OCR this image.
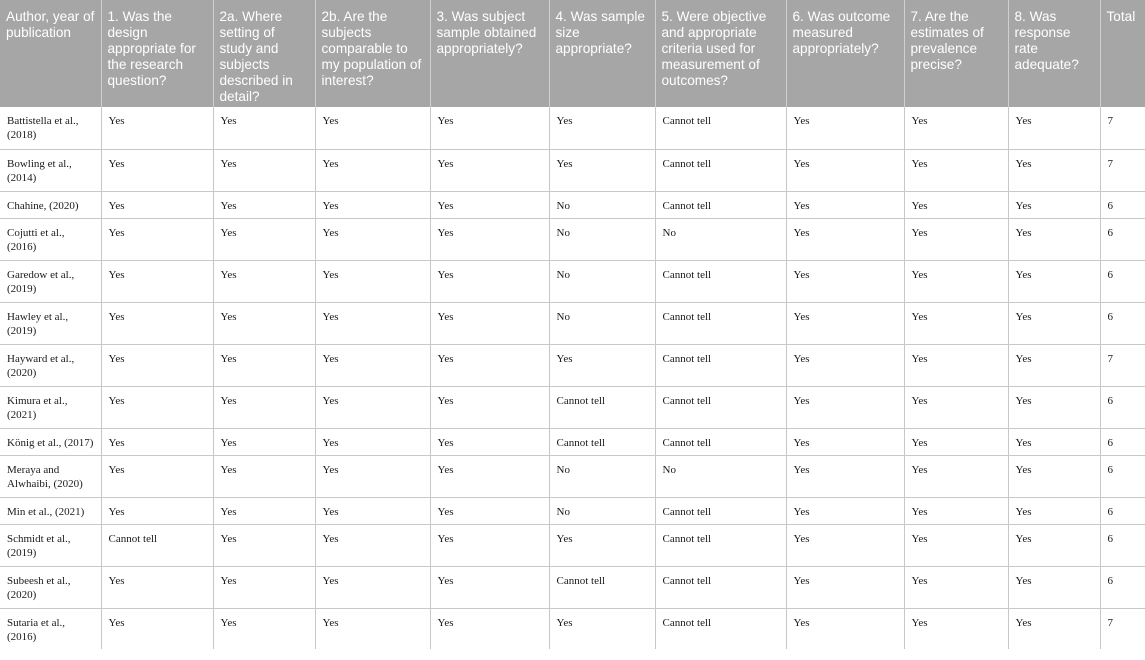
Author, year of publication	1. Was the design appropriate for the research question?	2a. Where setting of study and subjects described in detail?	2b. Are the subjects comparable to my population of interest?	3. Was subject sample obtained appropriately?	4. Was sample size appropriate?	5. Were objective and appropriate criteria used for measurement of outcomes?	6. Was outcome measured appropriately?	7. Are the estimates of prevalence precise?	8. Was response rate adequate?	Total
Battistella et al., (2018)	Yes	Yes	Yes	Yes	Yes	Cannot tell	Yes	Yes	Yes	7
Bowling et al., (2014)	Yes	Yes	Yes	Yes	Yes	Cannot tell	Yes	Yes	Yes	7
Chahine, (2020)	Yes	Yes	Yes	Yes	No	Cannot tell	Yes	Yes	Yes	6
Cojutti et al., (2016)	Yes	Yes	Yes	Yes	No	No	Yes	Yes	Yes	6
Garedow et al., (2019)	Yes	Yes	Yes	Yes	No	Cannot tell	Yes	Yes	Yes	6
Hawley et al., (2019)	Yes	Yes	Yes	Yes	No	Cannot tell	Yes	Yes	Yes	6
Hayward et al., (2020)	Yes	Yes	Yes	Yes	Yes	Cannot tell	Yes	Yes	Yes	7
Kimura et al., (2021)	Yes	Yes	Yes	Yes	Cannot tell	Cannot tell	Yes	Yes	Yes	6
König et al., (2017)	Yes	Yes	Yes	Yes	Cannot tell	Cannot tell	Yes	Yes	Yes	6
Meraya and Alwhaibi, (2020)	Yes	Yes	Yes	Yes	No	No	Yes	Yes	Yes	6
Min et al., (2021)	Yes	Yes	Yes	Yes	No	Cannot tell	Yes	Yes	Yes	6
Schmidt et al., (2019)	Cannot tell	Yes	Yes	Yes	Yes	Cannot tell	Yes	Yes	Yes	6
Subeesh et al., (2020)	Yes	Yes	Yes	Yes	Cannot tell	Cannot tell	Yes	Yes	Yes	6
Sutaria et al., (2016)	Yes	Yes	Yes	Yes	Yes	Cannot tell	Yes	Yes	Yes	7
